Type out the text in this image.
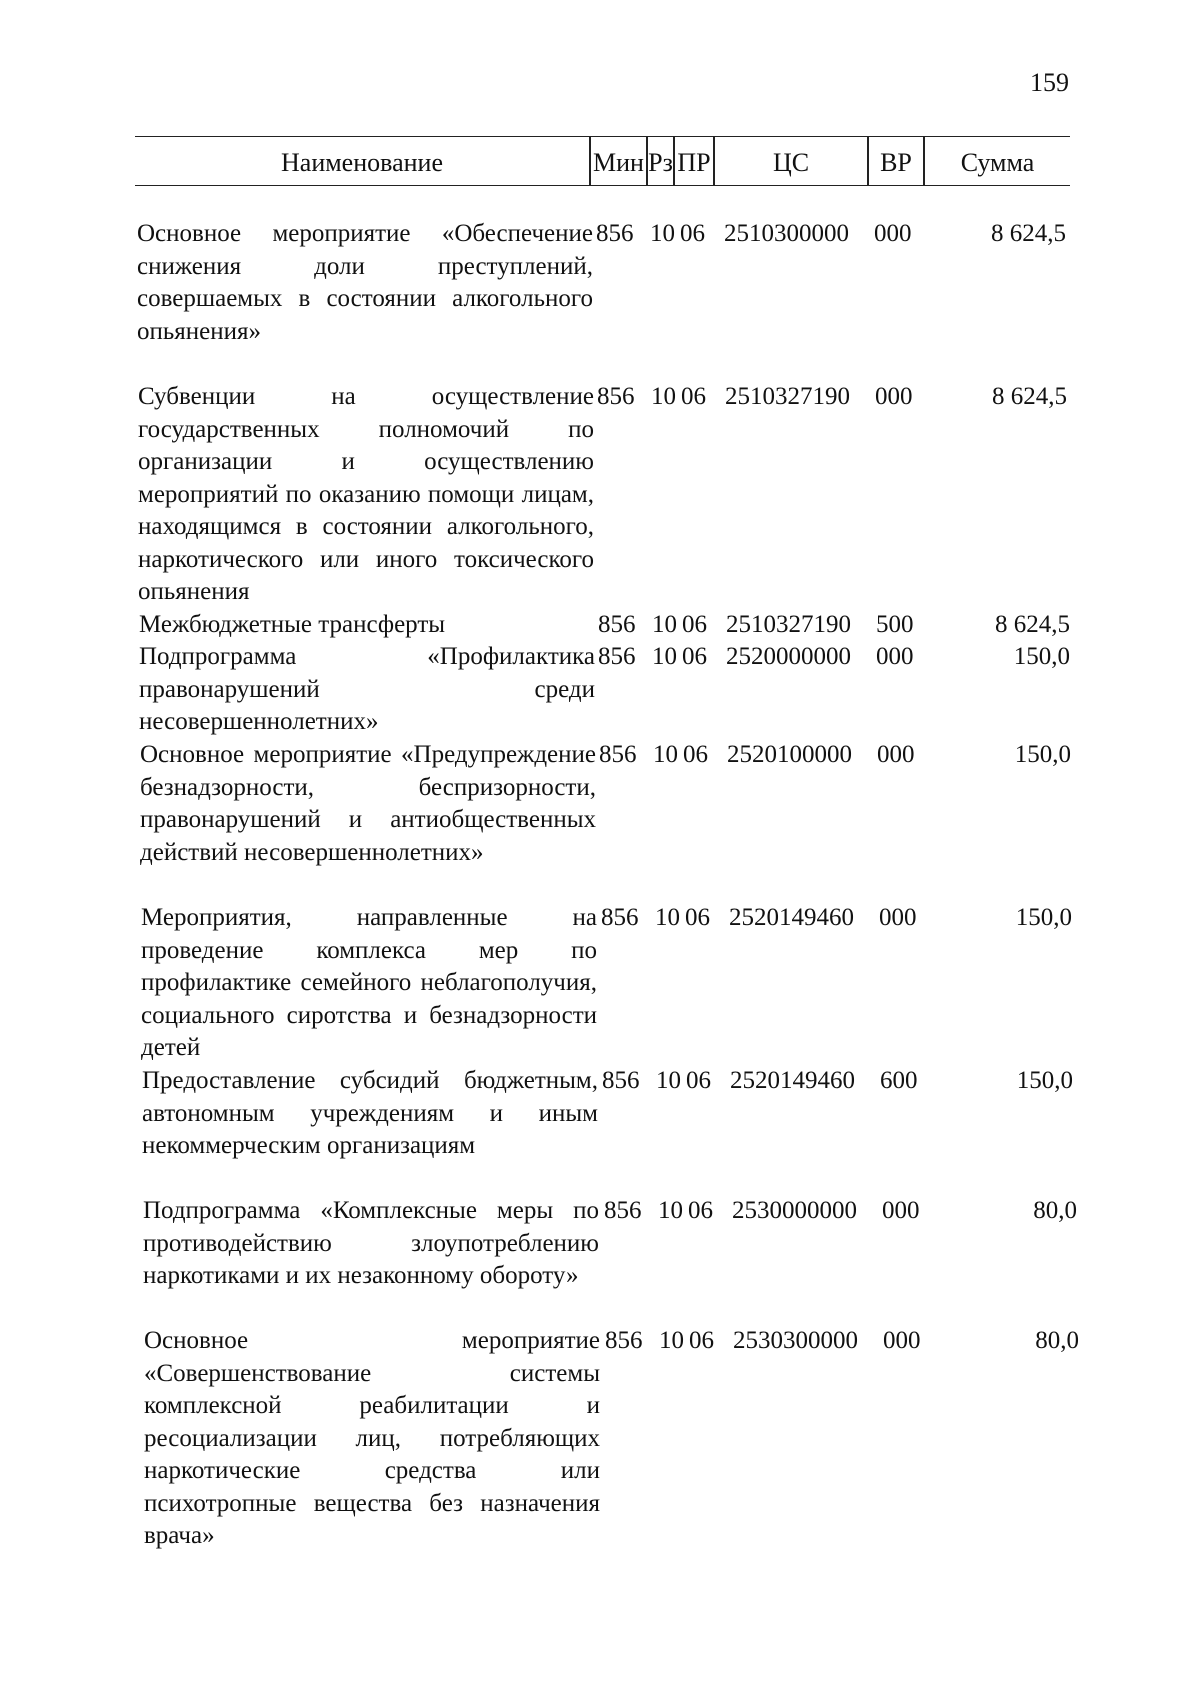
159
Наименование	Мин Рз ПР	ЦС	ВР	Сумма
Основное мероприятие «Обеспечение снижения доли преступлений, совершаемых в состоянии алкогольного опьянения»
856 10 06 2510300000	000	8 624,5
Субвенции на осуществление государственных полномочий по организации и осуществлению мероприятий по оказанию помощи лицам, находящимся в состоянии алкогольного, наркотического или иного токсического опьянения
856 10 06 2510327190	000	8 624,5
Межбюджетные трансферты	856 10 06 2510327190	500	8 624,5
Подпрограмма «Профилактика правонарушений среди несовершеннолетних»
856 10 06 2520000000	000	150,0
Основное мероприятие «Предупреждение безнадзорности, беспризорности, правонарушений и антиобщественных действий несовершеннолетних»
856 10 06 2520100000	000	150,0
Мероприятия, направленные на проведение комплекса мер по профилактике семейного неблагополучия, социального сиротства и безнадзорности детей
856 10 06 2520149460	000	150,0
Предоставление субсидий бюджетным, автономным учреждениям и иным некоммерческим организациям
856 10 06 2520149460	600	150,0
Подпрограмма «Комплексные меры по противодействию злоупотреблению наркотиками и их незаконному обороту»
856 10 06 2530000000	000	80,0
Основное мероприятие «Совершенствование системы комплексной реабилитации и ресоциализации лиц, потребляющих наркотические средства или психотропные вещества без назначения врача»
856 10 06 2530300000	000	80,0
